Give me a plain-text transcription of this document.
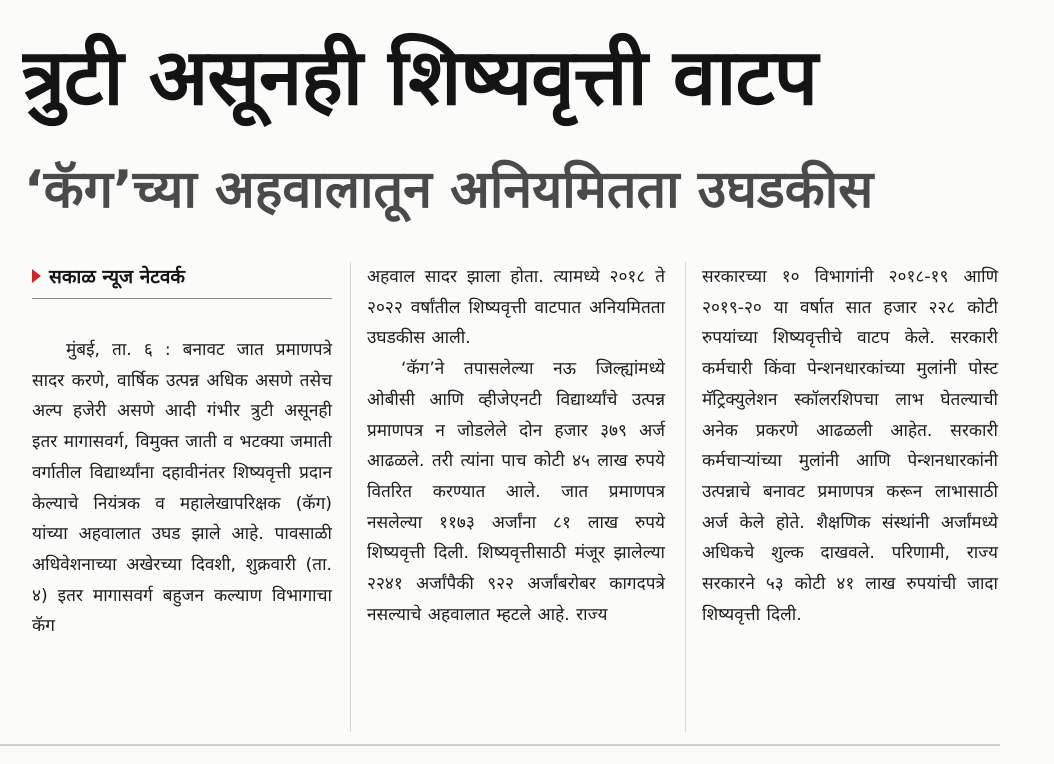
त्रुटी असूनही शिष्यवृत्ती वाटप
‘कॅग’च्या अहवालातून अनियमितता उघडकीस
सकाळ न्यूज नेटवर्क

मुंबई, ता. ६ : बनावट जात प्रमाणपत्रे सादर करणे, वार्षिक उत्पन्न अधिक असणे तसेच अल्प हजेरी असणे आदी गंभीर त्रुटी असूनही इतर मागासवर्ग, विमुक्त जाती व भटक्या जमाती वर्गातील विद्यार्थ्यांना दहावीनंतर शिष्यवृत्ती प्रदान केल्याचे नियंत्रक व महालेखापरिक्षक (कॅग) यांच्या अहवालात उघड झाले आहे. पावसाळी अधिवेशनाच्या अखेरच्या दिवशी, शुक्रवारी (ता. ४) इतर मागासवर्ग बहुजन कल्याण विभागाचा कॅग

अहवाल सादर झाला होता. त्यामध्ये २०१८ ते २०२२ वर्षांतील शिष्यवृत्ती वाटपात अनियमितता उघडकीस आली.

‘कॅग’ने तपासलेल्या नऊ जिल्ह्यांमध्ये ओबीसी आणि व्हीजेएनटी विद्यार्थ्यांचे उत्पन्न प्रमाणपत्र न जोडलेले दोन हजार ३७९ अर्ज आढळले. तरी त्यांना पाच कोटी ४५ लाख रुपये वितरित करण्यात आले. जात प्रमाणपत्र नसलेल्या ११७३ अर्जांना ८१ लाख रुपये शिष्यवृत्ती दिली. शिष्यवृत्तीसाठी मंजूर झालेल्या २२४१ अर्जांपैकी ९२२ अर्जांबरोबर कागदपत्रे नसल्याचे अहवालात म्हटले आहे. राज्य

सरकारच्या १० विभागांनी २०१८-१९ आणि २०१९-२० या वर्षात सात हजार २२८ कोटी रुपयांच्या शिष्यवृत्तीचे वाटप केले. सरकारी कर्मचारी किंवा पेन्शनधारकांच्या मुलांनी पोस्ट मॅट्रिक्युलेशन स्कॉलरशिपचा लाभ घेतल्याची अनेक प्रकरणे आढळली आहेत. सरकारी कर्मचाऱ्यांच्या मुलांनी आणि पेन्शनधारकांनी उत्पन्नाचे बनावट प्रमाणपत्र करून लाभासाठी अर्ज केले होते. शैक्षणिक संस्थांनी अर्जांमध्ये अधिकचे शुल्क दाखवले. परिणामी, राज्य सरकारने ५३ कोटी ४१ लाख रुपयांची जादा शिष्यवृत्ती दिली.
